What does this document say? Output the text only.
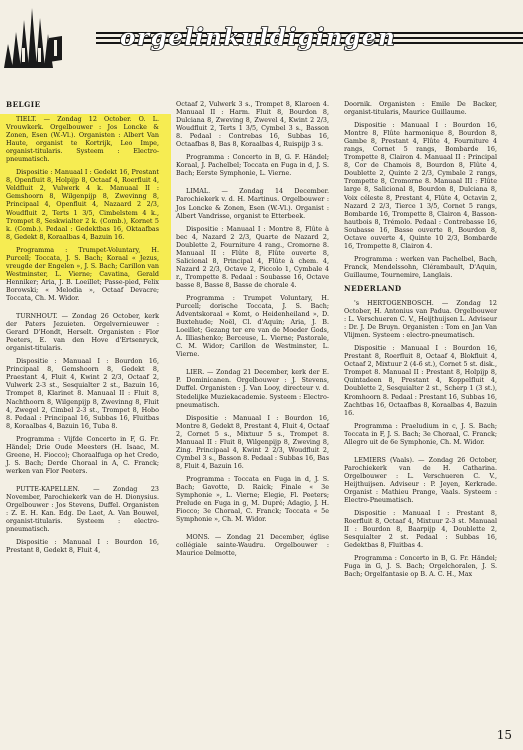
orgelinkuldigingen
BELGIE

TIELT. — Zondag 12 October. O. L. Vrouwkerk. Orgelbouwer : Jos Loncke & Zonen, Esen (W.-Vl.). Organisten : Albert Van Haute, organist te Kortrijk, Leo Impe, organist-titularis. Systeem : Electro-pneumatisch.

Dispositie : Manuaal I : Gedekt 16, Prestant 8, Openfluit 8, Holpijp 8, Octaaf 4, Roerfluit 4, Veldfluit 2, Vulwerk 4 k. Manuaal II : Gemshoorn 8, Wilgenpijp 8, Zwevinng 8, Principaal 4, Openfluit 4, Nazaard 2 2/3, Woudfluit 2, Terts 1 3/5, Cimbelstem 4 k., Trompet 8, Seskwialter 2 k. (Comb.), Kornet 5 k. (Comb.). Pedaal : Gedektbas 16, Oktaafbas 8, Gedekt 8, Koraalbas 4, Bazuin 16.

Programma : Trumpet-Voluntary, H. Purcell; Toccata, J. S. Bach; Koraal « Jezus, vreugde der Engelen », J. S. Bach; Carillon van Westminster, L. Vierne; Cavatina, Gerald Henniker; Aria, J. B. Loeillet; Passe-pied, Felix Borowski; « Melodia », Octaaf Devacre; Toccata, Ch. M. Widor.

TURNHOUT. — Zondag 26 October, kerk der Paters Jezuieten. Orgelvernieuwer : Gerard D'Hondt, Herselt. Organisten : Flor Peeters, E. van den Hove d'Ertsenryck, organist-titularis.

Dispositie : Manuaal I : Bourdon 16, Principaal 8, Gemshoorn 8, Gedekt 8, Praestant 4, Fluit 4, Kwint 2 2/3, Octaaf 2, Vulwerk 2-3 st., Sesquialter 2 st., Bazuin 16, Trompet 8, Klarinet 8. Manuaal II : Fluit 8, Nachthoorn 8, Wilgenpijp 8, Zwevinng 8, Fluit 4, Zwegel 2, Cimbel 2-3 st., Trompet 8, Hobo 8. Pedaal : Principaal 16, Subbas 16, Fluitbas 8, Koraalbas 4, Bazuin 16, Tuba 8.

Programma : Vijfde Concerto in F, G. Fr. Händel; Drie Oude Meesters (H. Isaac, M. Greene, H. Fiocco); Choraalfuga op het Credo, J. S. Bach; Derde Choraal in A, C. Franck; werken van Flor Peeters.

PUTTE-KAPELLEN. — Zondag 23 November, Parochiekerk van de H. Dionysius. Orgelbouwer : Jos Stevens, Duffel. Organisten : Z. E. H. Kan. Edg. De Laet, A. Van Bouwel, organist-titularis. Systeem : electro-pneumatisch.

Dispositie : Manuaal I : Bourdon 16, Prestant 8, Gedekt 8, Fluit 4,

Octaaf 2, Vulwerk 3 s., Trompet 8, Klaroen 4. Manuaal II : Harm. Fluit 8, Bourdon 8, Dulciana 8, Zweving 8, Zwevel 4, Kwint 2 2/3, Woudfluit 2, Terts 1 3/5, Cymbel 3 s., Basson 8. Pedaal : Contrebas 16, Subbas 16, Octaafbas 8, Bas 8, Koraalbas 4, Ruispijp 3 s.

Programma : Concerto in B, G. F. Händel; Koraal, J. Pachelbel; Toccata en Fuga in d, J. S. Bach; Eerste Symphonie, L. Vierne.

LIMAL. — Zondag 14 December. Parochiekerk v. d. H. Martinus. Orgelbouwer : Jos Loncke & Zonen, Esen (W.-Vl.). Organist : Albert Vandrisse, organist te Etterbeek.

Dispositie : Manuaal I : Montre 8, Flûte à bec 4, Nazard 2 2/3, Quarte de Nazard 2, Doublette 2, Fourniture 4 rang., Cromorne 8. Manuaal II : Flûte 8, Flûte ouverte 8, Salicional 8, Principal 4, Flûte à chem. 4, Nazard 2 2/3, Octave 2, Piccolo 1, Cymbale 4 r., Trompette 8. Pedaal : Soubasse 16, Octave basse 8, Basse 8, Basse de chorale 4.

Programma : Trumpet Voluntary, H. Purcell; dorische Toccata, J. S. Bach; Adventskoraal « Komt, o Heidenheiland », D. Buxtehude; Noël, Cl. d'Aquin; Aria, J. B. Loeillet; Gezang ter ere van de Moeder Gods, A. Illiashenko; Berceuse, L. Vierne; Pastorale, C. M. Widor; Carillon de Westminster, L. Vierne.

LIER. — Zondag 21 December, kerk der E. P. Dominicanen. Orgelbouwer : J. Stevens, Duffel. Organisten : J. Van Looy, directeur v. d. Stedelijke Muziekacademie. Systeem : Electro-pneumatisch.

Dispositie : Manuaal I : Bourdon 16, Montre 8, Gedekt 8, Prestant 4, Fluit 4, Octaaf 2, Cornet 5 s., Mixtuur 5 s., Trompet 8. Manuaal II : Fluit 8, Wilgenpijp 8, Zweving 8, Zing. Principaal 4, Kwint 2 2/3, Woudfluit 2, Cymbel 3 s., Basson 8. Pedaal : Subbas 16, Bas 8, Fluit 4, Bazuin 16.

Programma : Toccata en Fuga in d, J. S. Bach; Gavotte, D. Raick; Finale « 3e Symphonie », L. Vierne; Elegie, Fl. Peeters; Prelude en Fuga in g, M. Dupré; Adagio, J. H. Fiocco; 3e Choraal, C. Franck; Toccata « 5e Symphonie », Ch. M. Widor.

MONS. — Zondag 21 December, église collégiale sainte-Waudru. Orgelbouwer : Maurice Delmotte,

Doornik. Organisten : Emile De Backer, organist-titularis, Maurice Guillaume.

Dispositie : Manuaal I : Bourdon 16, Montre 8, Flûte harmonique 8, Bourdon 8, Gambe 8, Prestant 4, Flûte 4, Fourniture 4 rangs, Cornet 5 rangs, Bombarde 16, Trompette 8, Clairon 4. Manuaal II : Principal 8, Cor de Chamois 8, Bourdon 8, Flûte 4, Doublette 2, Quinte 2 2/3, Cymbale 2 rangs, Trompette 8, Cromorne 8. Manuaal III : Flûte large 8, Salicional 8, Bourdon 8, Dulciana 8, Voix céleste 8, Prestant 4, Flûte 4, Octavin 2, Nazard 2 2/3, Tierce 1 3/5, Cornet 5 rangs, Bombarde 16, Trompette 8, Clairon 4, Basson-hautbois 8, Trémolo. Pedaal : Contrebasse 16, Soubasse 16, Basse ouverte 8, Bourdon 8, Octave ouverte 4, Quinte 10 2/3, Bombarde 16, Trompette 8, Clairon 4.

Programma : werken van Pachelbel, Bach, Franck, Mendelssohn, Clérambault, D'Aquin, Guillaume, Tournemire, Langlais.

NEDERLAND

's HERTOGENBOSCH. — Zondag 12 October, H. Antonius van Padua. Orgelbouwer : L. Verschueren C. V., Heijthuijsen L. Adviseur : Dr. J. De Bruyn. Organisten : Tom en Jan Van Vlijmen. Systeem : electro-pneumatisch.

Dispositie : Manuaal I : Bourdon 16, Prestant 8, Roerfluit 8, Octaaf 4, Blokfluit 4, Octaaf 2, Mixtuur 2 (4-6 st.), Cornet 5 st. disk., Trompet 8. Manuaal II : Prestant 8, Holpijp 8, Quintadeen 8, Prestant 4, Koppelfluit 4, Doublette 2, Sesquialter 2 st., Scherp 1 (3 st.), Kromhoorn 8. Pedaal : Prestant 16, Subbas 16, Zachtbas 16, Octaafbas 8, Koraalbas 4, Bazuin 16.

Programma : Praeludium in c, J. S. Bach; Toccata in F, J. S. Bach; 3e Choraal, C. Franck; Allegro uit de 6e Symphonie, Ch. M. Widor.

LEMIERS (Vaals). — Zondag 26 October, Parochiekerk van de H. Catharina. Orgelbouwer : L. Verschueren C. V., Heijthuijsen. Adviseur : P. Jeyen, Kerkrade. Organist : Mathieu Prange, Vaals. Systeem : Electro-Pneumatisch.

Dispositie : Manuaal I : Prestant 8, Roerfluit 8, Octaaf 4, Mixtuur 2-3 st. Manuaal II : Bourdon 8, Baarpijp 4, Doublette 2, Sesquialter 2 st. Pedaal : Subbas 16, Gedektbas 8, Fluitbas 4.

Programma : Concerto in B, G. Fr. Händel; Fuga in G, J. S. Bach; Orgelchoralen, J. S. Bach; Orgelfantasie op B. A. C. H., Max

15
